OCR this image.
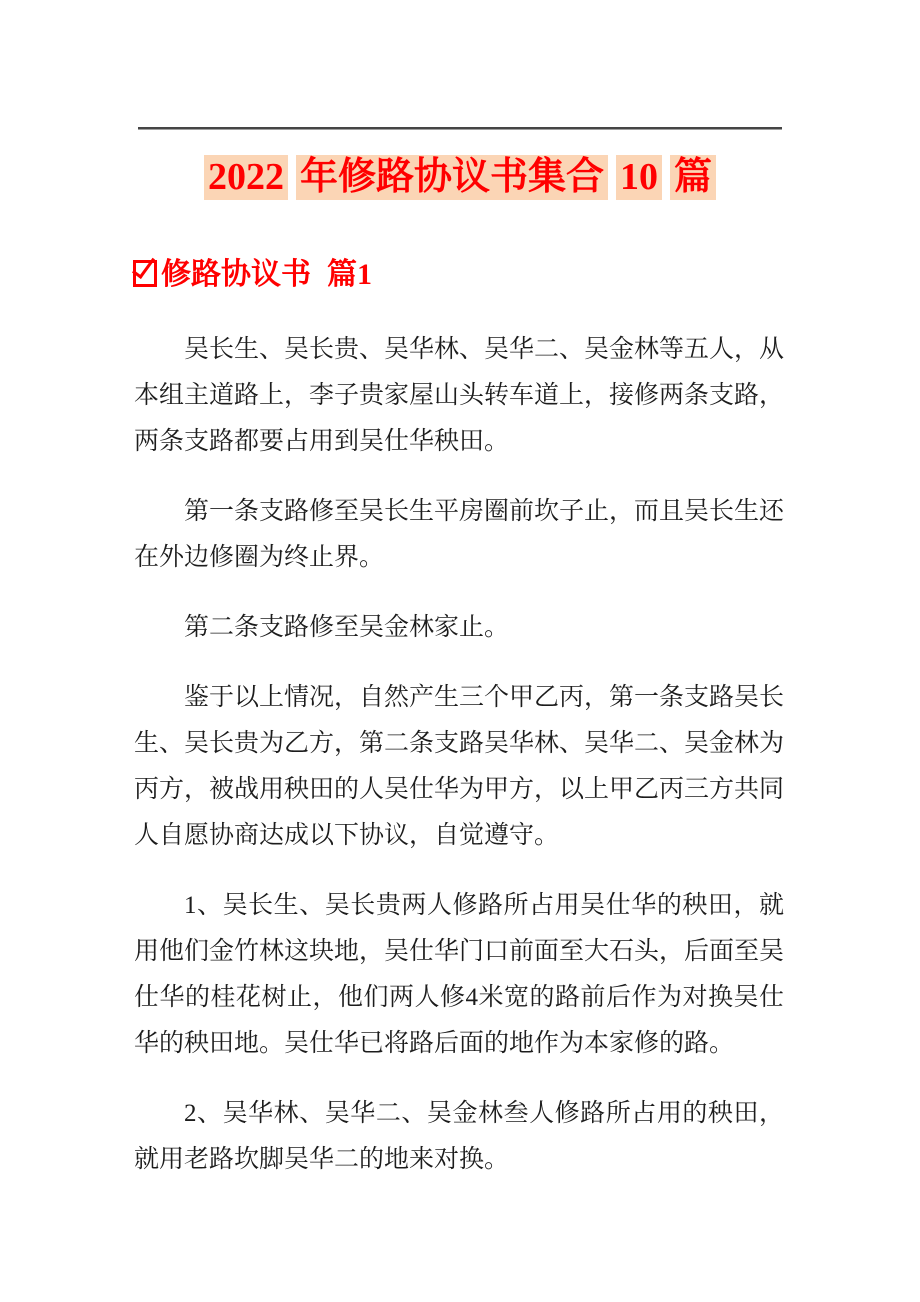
2022 年修路协议书集合 10 篇
修路协议书 篇1

吴长生、吴长贵、吴华林、吴华二、吴金林等五人，从本组主道路上，李子贵家屋山头转车道上，接修两条支路，两条支路都要占用到吴仕华秧田。

第一条支路修至吴长生平房圈前坎子止，而且吴长生还在外边修圈为终止界。

第二条支路修至吴金林家止。

鉴于以上情况，自然产生三个甲乙丙，第一条支路吴长生、吴长贵为乙方，第二条支路吴华林、吴华二、吴金林为丙方，被战用秧田的人吴仕华为甲方，以上甲乙丙三方共同人自愿协商达成以下协议，自觉遵守。

1、吴长生、吴长贵两人修路所占用吴仕华的秧田，就用他们金竹林这块地，吴仕华门口前面至大石头，后面至吴仕华的桂花树止，他们两人修4米宽的路前后作为对换吴仕华的秧田地。吴仕华已将路后面的地作为本家修的路。

2、吴华林、吴华二、吴金林叁人修路所占用的秧田，就用老路坎脚吴华二的地来对换。
